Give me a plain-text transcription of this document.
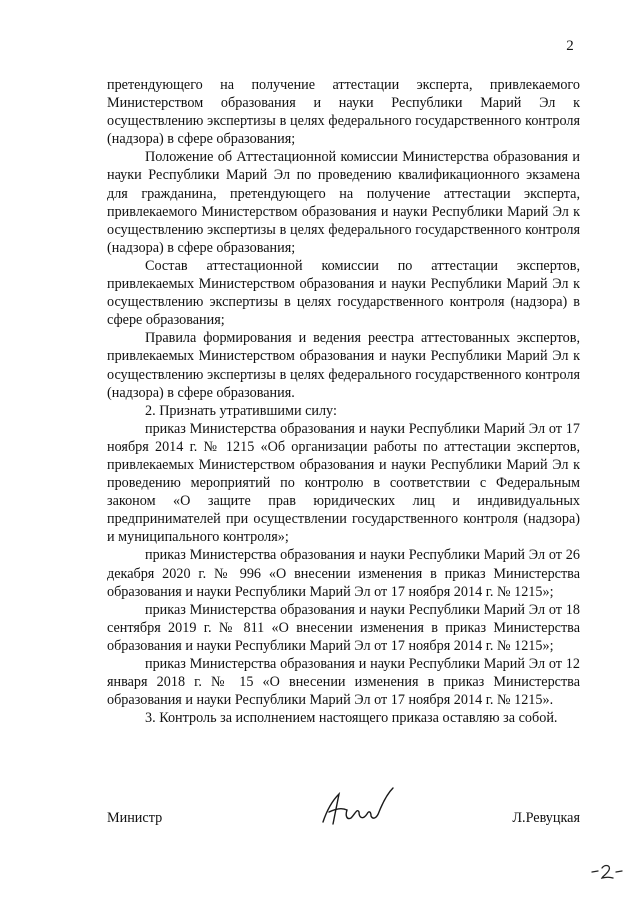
2

претендующего на получение аттестации эксперта, привлекаемого Министерством образования и науки Республики Марий Эл к осуществлению экспертизы в целях федерального государственного контроля (надзора) в сфере образования;

Положение об Аттестационной комиссии Министерства образования и науки Республики Марий Эл по проведению квалификационного экзамена для гражданина, претендующего на получение аттестации эксперта, привлекаемого Министерством образования и науки Республики Марий Эл к осуществлению экспертизы в целях федерального государственного контроля (надзора) в сфере образования;

Состав аттестационной комиссии по аттестации экспертов, привлекаемых Министерством образования и науки Республики Марий Эл к осуществлению экспертизы в целях государственного контроля (надзора) в сфере образования;

Правила формирования и ведения реестра аттестованных экспертов, привлекаемых Министерством образования и науки Республики Марий Эл к осуществлению экспертизы в целях федерального государственного контроля (надзора) в сфере образования.

2. Признать утратившими силу:

приказ Министерства образования и науки Республики Марий Эл от 17 ноября 2014 г. № 1215 «Об организации работы по аттестации экспертов, привлекаемых Министерством образования и науки Республики Марий Эл к проведению мероприятий по контролю в соответствии с Федеральным законом «О защите прав юридических лиц и индивидуальных предпринимателей при осуществлении государственного контроля (надзора) и муниципального контроля»;

приказ Министерства образования и науки Республики Марий Эл от 26 декабря 2020 г. № 996 «О внесении изменения в приказ Министерства образования и науки Республики Марий Эл от 17 ноября 2014 г. № 1215»;

приказ Министерства образования и науки Республики Марий Эл от 18 сентября 2019 г. № 811 «О внесении изменения в приказ Министерства образования и науки Республики Марий Эл от 17 ноября 2014 г. № 1215»;

приказ Министерства образования и науки Республики Марий Эл от 12 января 2018 г. № 15 «О внесении изменения в приказ Министерства образования и науки Республики Марий Эл от 17 ноября 2014 г. № 1215».

3. Контроль за исполнением настоящего приказа оставляю за собой.

Министр	Л.Ревуцкая
